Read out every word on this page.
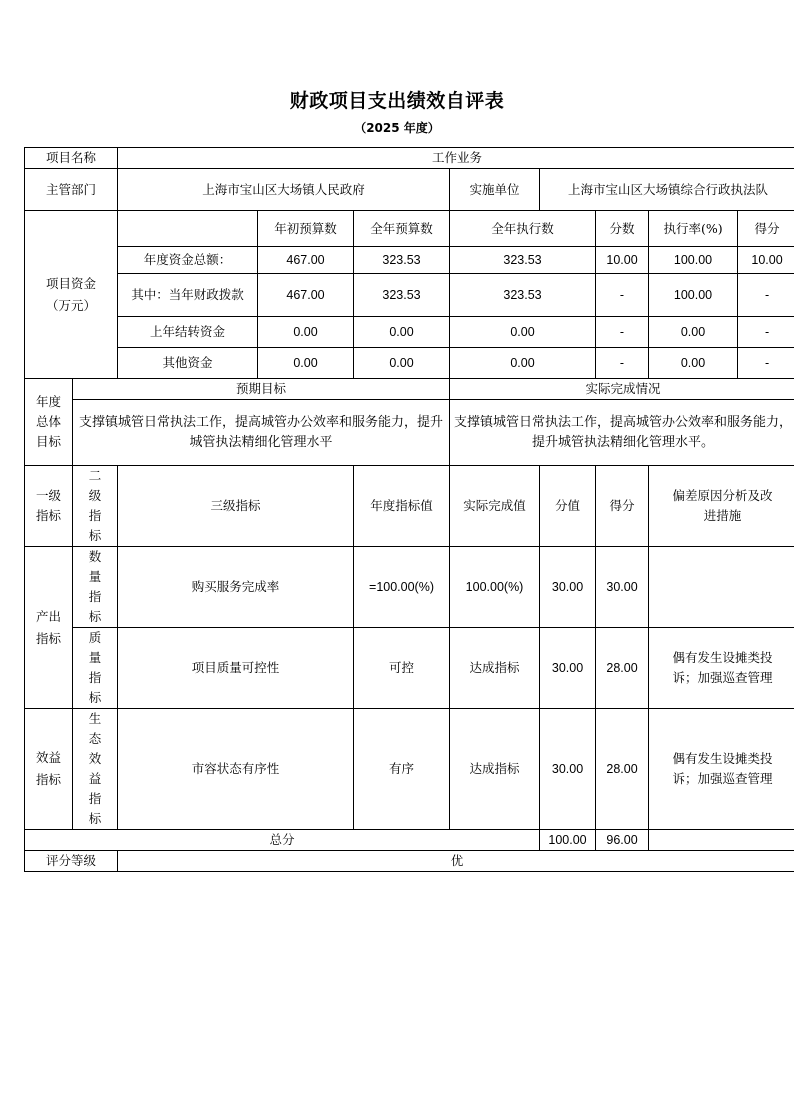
财政项目支出绩效自评表
（2025 年度）
项目名称		工作业务							
主管部门		上海市宝山区大场镇人民政府			实施单位	上海市宝山区大场镇综合行政执法队			
项目资金（万元）			年初预算数	全年预算数	全年执行数		分数	执行率(%)	得分
		年度资金总额：	467.00	323.53	323.53		10.00	100.00	10.00
		其中：当年财政拨款	467.00	323.53	323.53		-	100.00	-
		上年结转资金	0.00	0.00	0.00		-	0.00	-
		其他资金	0.00	0.00	0.00		-	0.00	-
年度总体目标	预期目标				实际完成情况				
	支撑镇城管日常执法工作，提高城管办公效率和服务能力，提升城管执法精细化管理水平				支撑镇城管日常执法工作，提高城管办公效率和服务能力，提升城管执法精细化管理水平。				
一级指标	二级指标	三级指标		年度指标值	实际完成值	分值	得分	偏差原因分析及改进措施	
产出指标	数量指标	购买服务完成率		=100.00(%)	100.00(%)	30.00	30.00		
	质量指标	项目质量可控性		可控	达成指标	30.00	28.00	偶有发生设摊类投诉；加强巡查管理	
效益指标	生态效益指标	市容状态有序性		有序	达成指标	30.00	28.00	偶有发生设摊类投诉；加强巡查管理	
总分						100.00	96.00		
评分等级		优							
